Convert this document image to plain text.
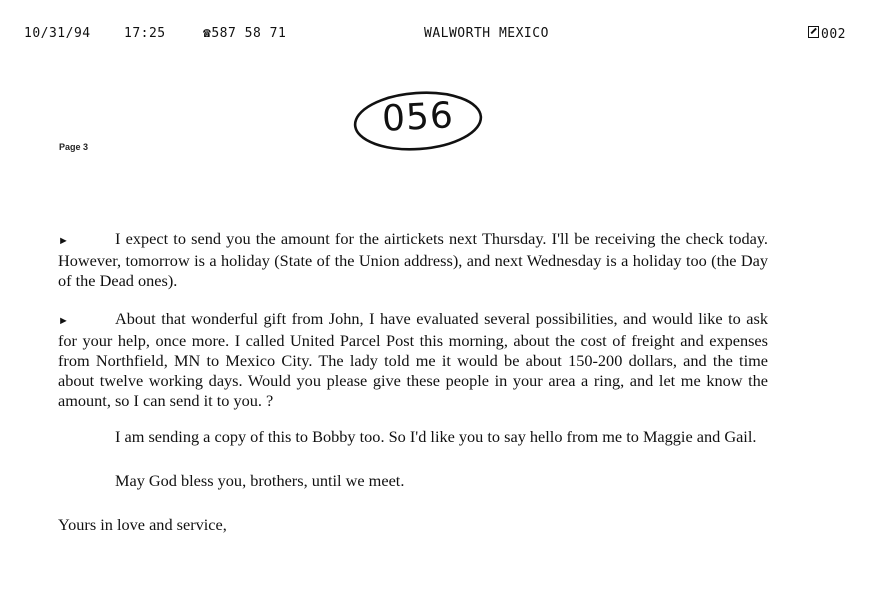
10/31/94	17:25	☎587 58 71	WALWORTH MEXICO	002
056
Page 3

►	I expect to send you the amount for the airtickets next Thursday. I'll be receiving the check today. However, tomorrow is a holiday (State of the Union address), and next Wednesday is a holiday too (the Day of the Dead ones).

►	About that wonderful gift from John, I have evaluated several possibilities, and would like to ask for your help, once more. I called United Parcel Post this morning, about the cost of freight and expenses from Northfield, MN to Mexico City. The lady told me it would be about 150-200 dollars, and the time about twelve working days. Would you please give these people in your area a ring, and let me know the amount, so I can send it to you. ?

I am sending a copy of this to Bobby too. So I'd like you to say hello from me to Maggie and Gail.

May God bless you, brothers, until we meet.

Yours in love and service,
